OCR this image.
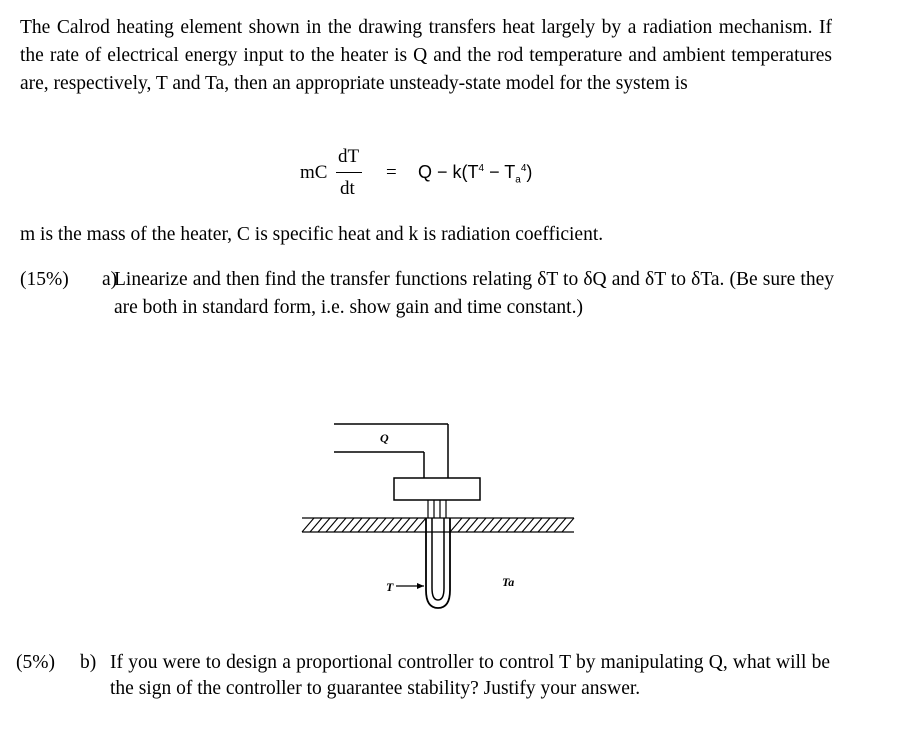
The Calrod heating element shown in the drawing transfers heat largely by a radiation mechanism. If the rate of electrical energy input to the heater is Q and the rod temperature and ambient temperatures are, respectively, T and Ta, then an appropriate unsteady-state model for the system is

mC
dT
dt
= $Q - k(T^4 - T_a^4)$

m is the mass of the heater, C is specific heat and k is radiation coefficient.

(15%) a)
Linearize and then find the transfer functions relating δT to δQ and δT to δTa. (Be sure they are both in standard form, i.e. show gain and time constant.)
Q
T	Ta
(5%) b) If you were to design a proportional controller to control T by manipulating Q, what will be the sign of the controller to guarantee stability? Justify your answer.
